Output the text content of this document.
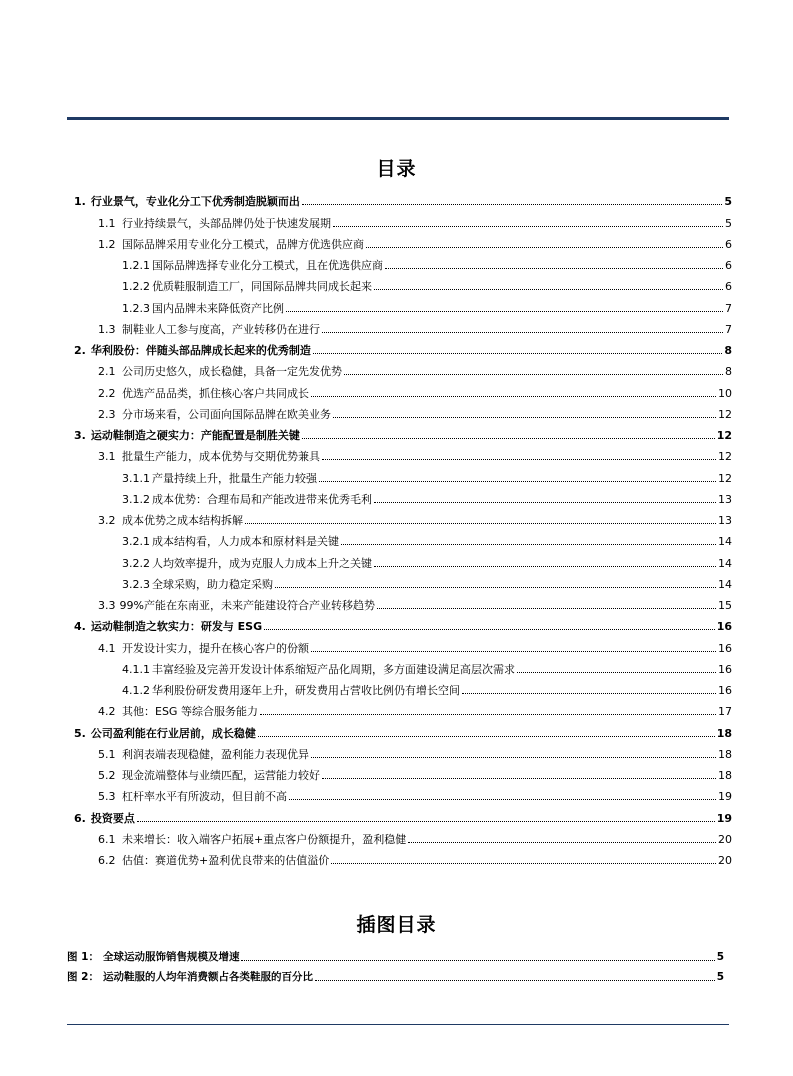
目录
1. 行业景气，专业化分工下优秀制造脱颖而出	5
1.1 行业持续景气，头部品牌仍处于快速发展期	5
1.2 国际品牌采用专业化分工模式，品牌方优选供应商	6
1.2.1 国际品牌选择专业化分工模式，且在优选供应商	6
1.2.2 优质鞋服制造工厂，同国际品牌共同成长起来	6
1.2.3 国内品牌未来降低资产比例	7
1.3 制鞋业人工参与度高，产业转移仍在进行	7
2. 华利股份：伴随头部品牌成长起来的优秀制造	8
2.1 公司历史悠久，成长稳健，具备一定先发优势	8
2.2 优选产品品类，抓住核心客户共同成长	10
2.3 分市场来看，公司面向国际品牌在欧美业务	12
3. 运动鞋制造之硬实力：产能配置是制胜关键	12
3.1 批量生产能力，成本优势与交期优势兼具	12
3.1.1 产量持续上升，批量生产能力较强	12
3.1.2 成本优势：合理布局和产能改进带来优秀毛利	13
3.2 成本优势之成本结构拆解	13
3.2.1 成本结构看，人力成本和原材料是关键	14
3.2.2 人均效率提升，成为克服人力成本上升之关键	14
3.2.3 全球采购，助力稳定采购	14
3.3 99%产能在东南亚，未来产能建设符合产业转移趋势	15
4. 运动鞋制造之软实力：研发与 ESG	16
4.1 开发设计实力，提升在核心客户的份额	16
4.1.1 丰富经验及完善开发设计体系缩短产品化周期，多方面建设满足高层次需求	16
4.1.2 华利股份研发费用逐年上升，研发费用占营收比例仍有增长空间	16
4.2 其他：ESG 等综合服务能力	17
5. 公司盈利能在行业居前，成长稳健	18
5.1 利润表端表现稳健，盈利能力表现优异	18
5.2 现金流端整体与业绩匹配，运营能力较好	18
5.3 杠杆率水平有所波动，但目前不高	19
6. 投资要点	19
6.1 未来增长：收入端客户拓展+重点客户份额提升，盈利稳健	20
6.2 估值：赛道优势+盈利优良带来的估值溢价	20
插图目录
图 1： 全球运动服饰销售规模及增速	5
图 2： 运动鞋服的人均年消费额占各类鞋服的百分比	5
